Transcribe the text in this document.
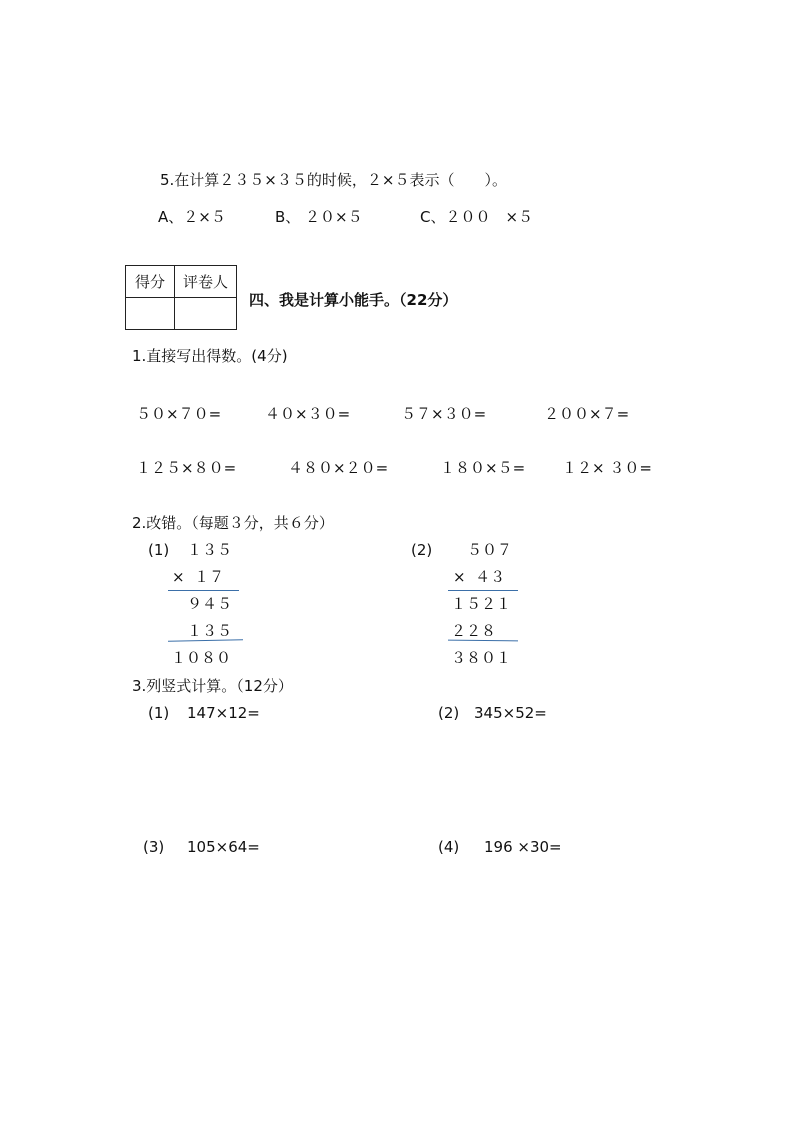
5.在计算２３５×３５的时候，２×５表示（　　）。
A、２×５	B、 ２０×５	C、２００　×５
得分	评卷人

四、我是计算小能手。（22分）
1.直接写出得数。(4分)
５０×７０=	４０×３０=	５７×３０=	２００×７=
１２５×８０=	４８０×２０=	１８０×５= １２× ３０=
2.改错。（每题３分，共６分）
(1) １３５
×  １７
９４５
１３５
１０８０
(2) ５０７
×  ４３
１５２１
２２８
３８０１
3.列竖式计算。（12分）
(1) 147×12=	(2) 345×52=
(3) 105×64=	(4) 196 ×30=
